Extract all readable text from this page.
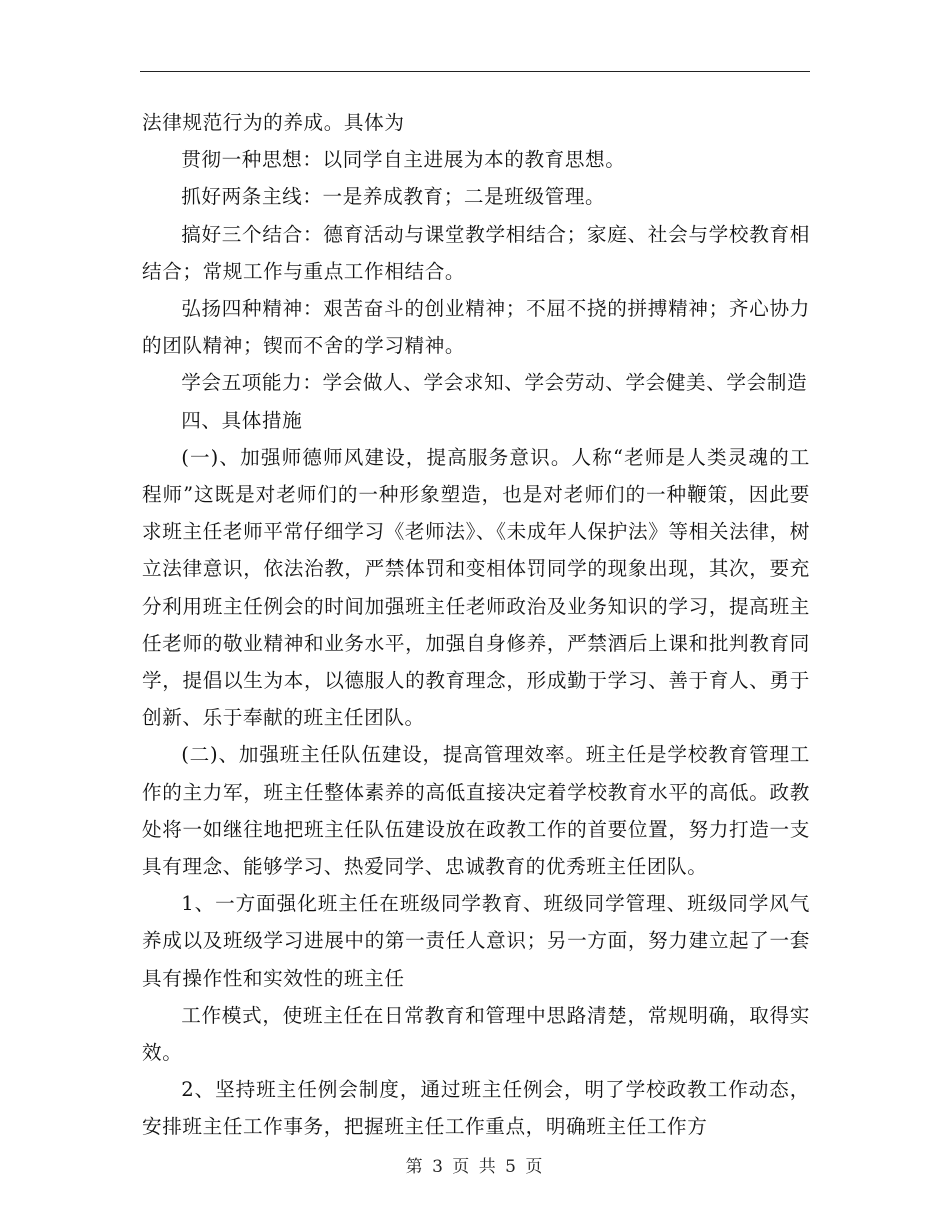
法律规范行为的养成。具体为

贯彻一种思想：以同学自主进展为本的教育思想。

抓好两条主线：一是养成教育；二是班级管理。

搞好三个结合：德育活动与课堂教学相结合；家庭、社会与学校教育相结合；常规工作与重点工作相结合。

弘扬四种精神：艰苦奋斗的创业精神；不屈不挠的拼搏精神；齐心协力的团队精神；锲而不舍的学习精神。

学会五项能力：学会做人、学会求知、学会劳动、学会健美、学会制造

四、具体措施

(一)、加强师德师风建设，提高服务意识。人称“老师是人类灵魂的工程师”这既是对老师们的一种形象塑造，也是对老师们的一种鞭策，因此要求班主任老师平常仔细学习《老师法》、《未成年人保护法》等相关法律，树立法律意识，依法治教，严禁体罚和变相体罚同学的现象出现，其次，要充分利用班主任例会的时间加强班主任老师政治及业务知识的学习，提高班主任老师的敬业精神和业务水平，加强自身修养，严禁酒后上课和批判教育同学，提倡以生为本，以德服人的教育理念，形成勤于学习、善于育人、勇于创新、乐于奉献的班主任团队。

(二)、加强班主任队伍建设，提高管理效率。班主任是学校教育管理工作的主力军，班主任整体素养的高低直接决定着学校教育水平的高低。政教处将一如继往地把班主任队伍建设放在政教工作的首要位置，努力打造一支具有理念、能够学习、热爱同学、忠诚教育的优秀班主任团队。

1、一方面强化班主任在班级同学教育、班级同学管理、班级同学风气养成以及班级学习进展中的第一责任人意识；另一方面，努力建立起了一套具有操作性和实效性的班主任

工作模式，使班主任在日常教育和管理中思路清楚，常规明确，取得实效。

2、坚持班主任例会制度，通过班主任例会，明了学校政教工作动态，安排班主任工作事务，把握班主任工作重点，明确班主任工作方

第 3 页 共 5 页
